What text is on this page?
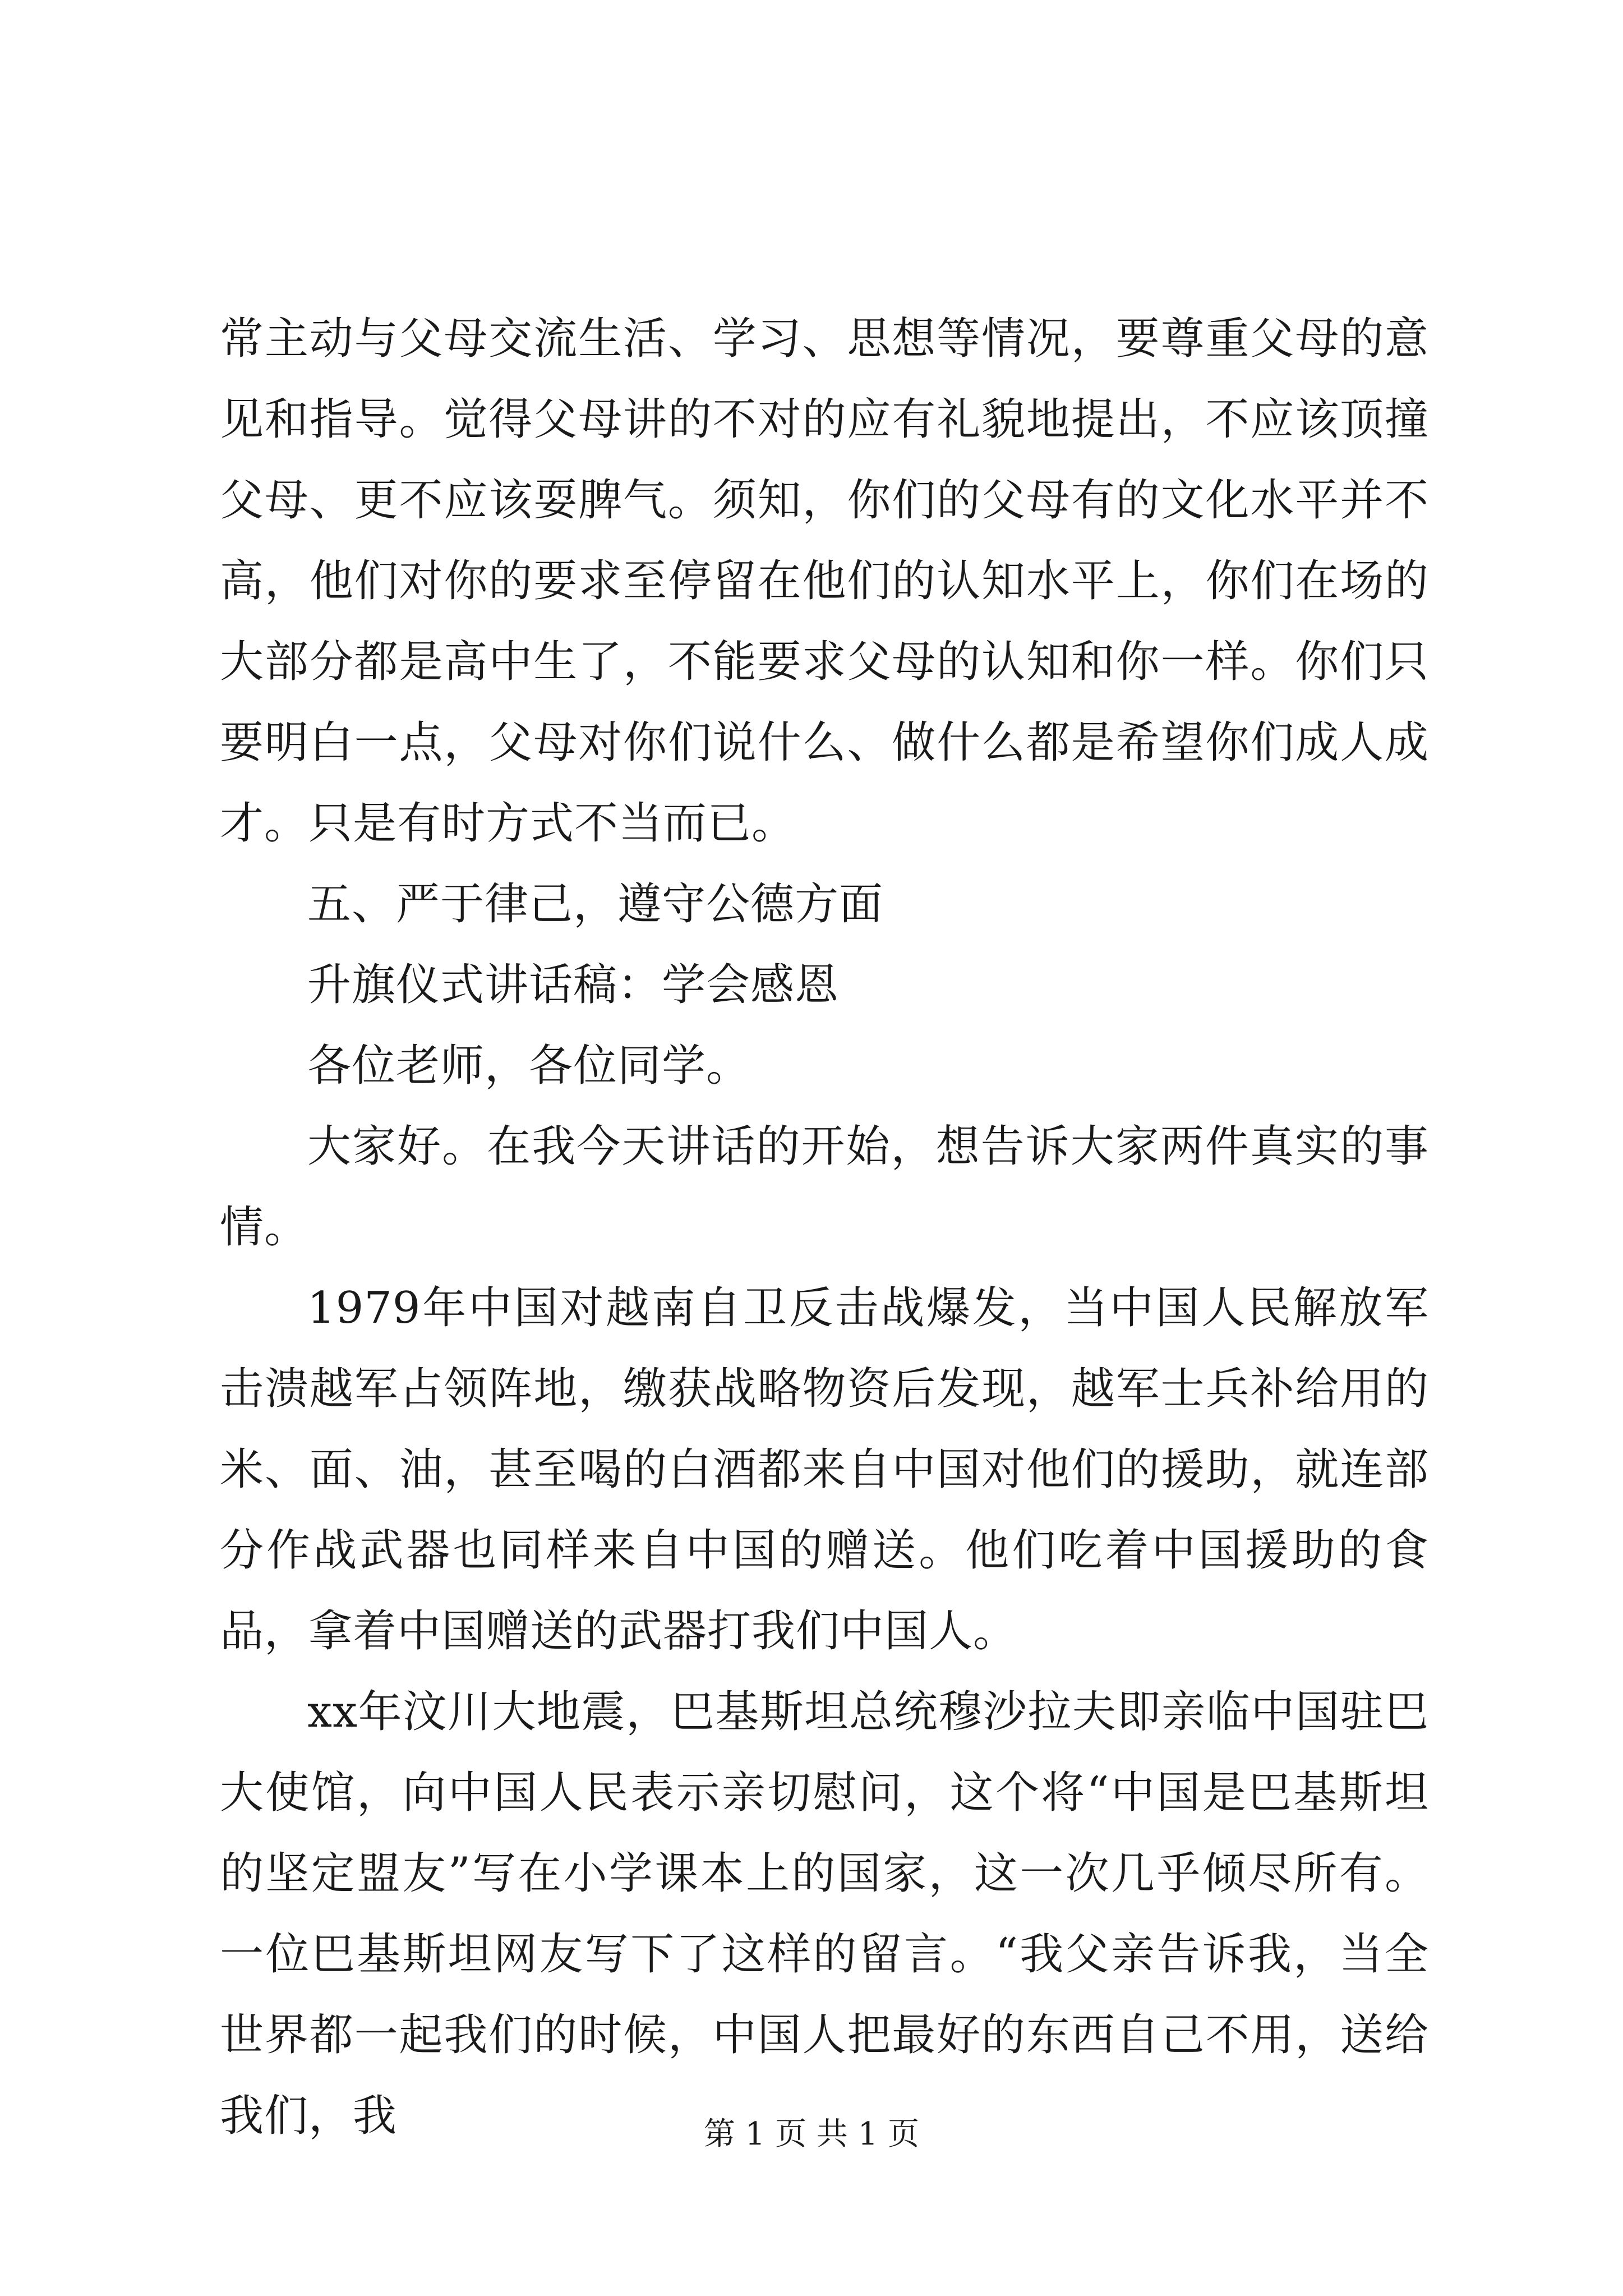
常主动与父母交流生活、学习、思想等情况，要尊重父母的意见和指导。觉得父母讲的不对的应有礼貌地提出，不应该顶撞父母、更不应该耍脾气。须知，你们的父母有的文化水平并不高，他们对你的要求至停留在他们的认知水平上，你们在场的大部分都是高中生了，不能要求父母的认知和你一样。你们只要明白一点，父母对你们说什么、做什么都是希望你们成人成才。只是有时方式不当而已。

五、严于律己，遵守公德方面

升旗仪式讲话稿：学会感恩

各位老师，各位同学。

大家好。在我今天讲话的开始，想告诉大家两件真实的事情。

1979年中国对越南自卫反击战爆发，当中国人民解放军击溃越军占领阵地，缴获战略物资后发现，越军士兵补给用的米、面、油，甚至喝的白酒都来自中国对他们的援助，就连部分作战武器也同样来自中国的赠送。他们吃着中国援助的食品，拿着中国赠送的武器打我们中国人。

xx年汶川大地震，巴基斯坦总统穆沙拉夫即亲临中国驻巴大使馆，向中国人民表示亲切慰问，这个将“中国是巴基斯坦的坚定盟友”写在小学课本上的国家，这一次几乎倾尽所有。一位巴基斯坦网友写下了这样的留言。“我父亲告诉我，当全世界都一起我们的时候，中国人把最好的东西自己不用，送给我们，我	第 1 页 共 1 页
